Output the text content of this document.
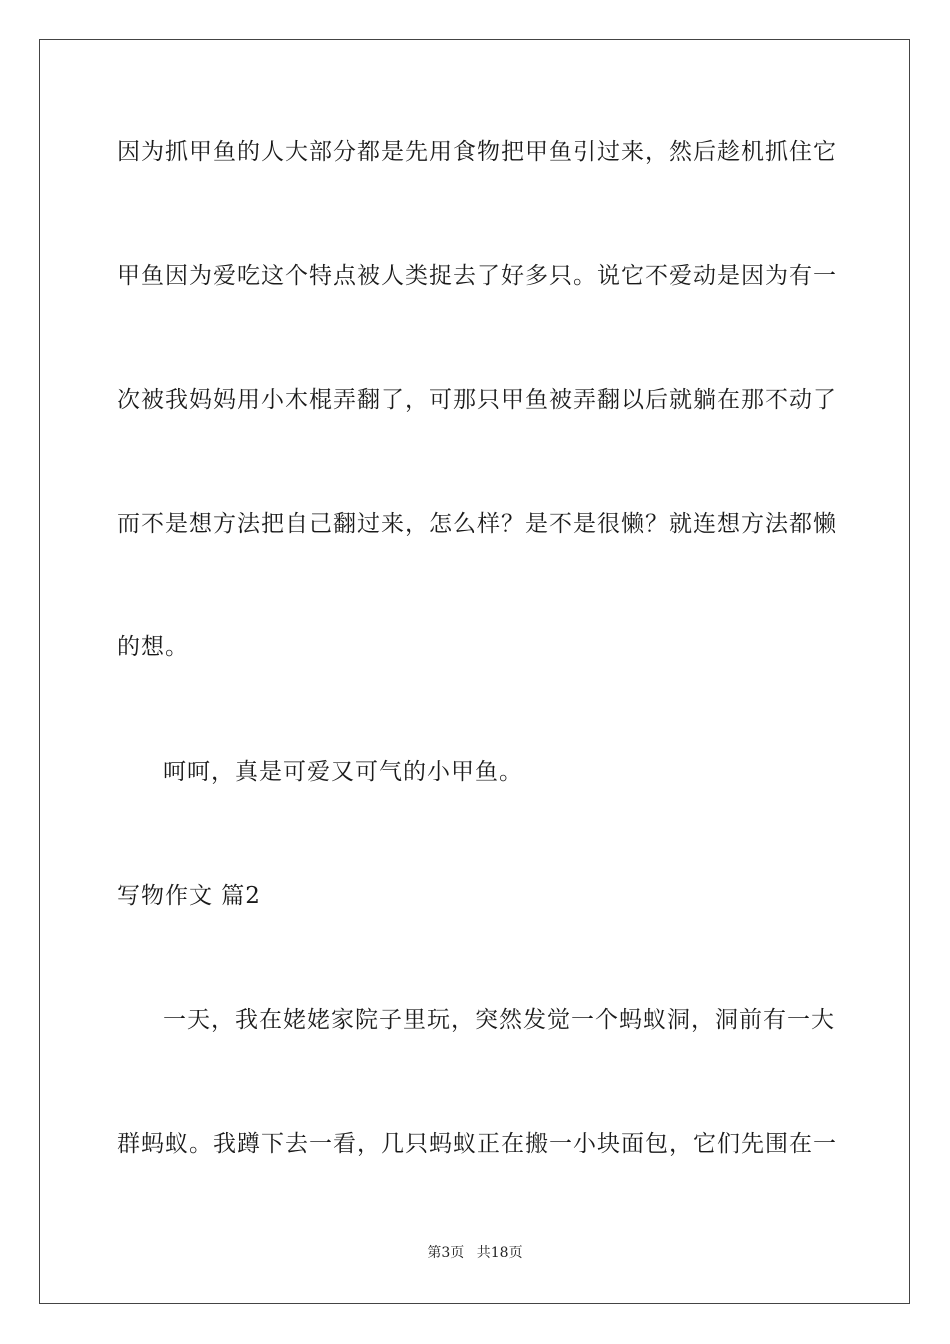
因为抓甲鱼的人大部分都是先用食物把甲鱼引过来，然后趁机抓住它
甲鱼因为爱吃这个特点被人类捉去了好多只。说它不爱动是因为有一
次被我妈妈用小木棍弄翻了，可那只甲鱼被弄翻以后就躺在那不动了
而不是想方法把自己翻过来，怎么样？是不是很懒？就连想方法都懒
的想。
呵呵，真是可爱又可气的小甲鱼。
写物作文 篇2
一天，我在姥姥家院子里玩，突然发觉一个蚂蚁洞，洞前有一大
群蚂蚁。我蹲下去一看，几只蚂蚁正在搬一小块面包，它们先围在一
第3页 共18页
